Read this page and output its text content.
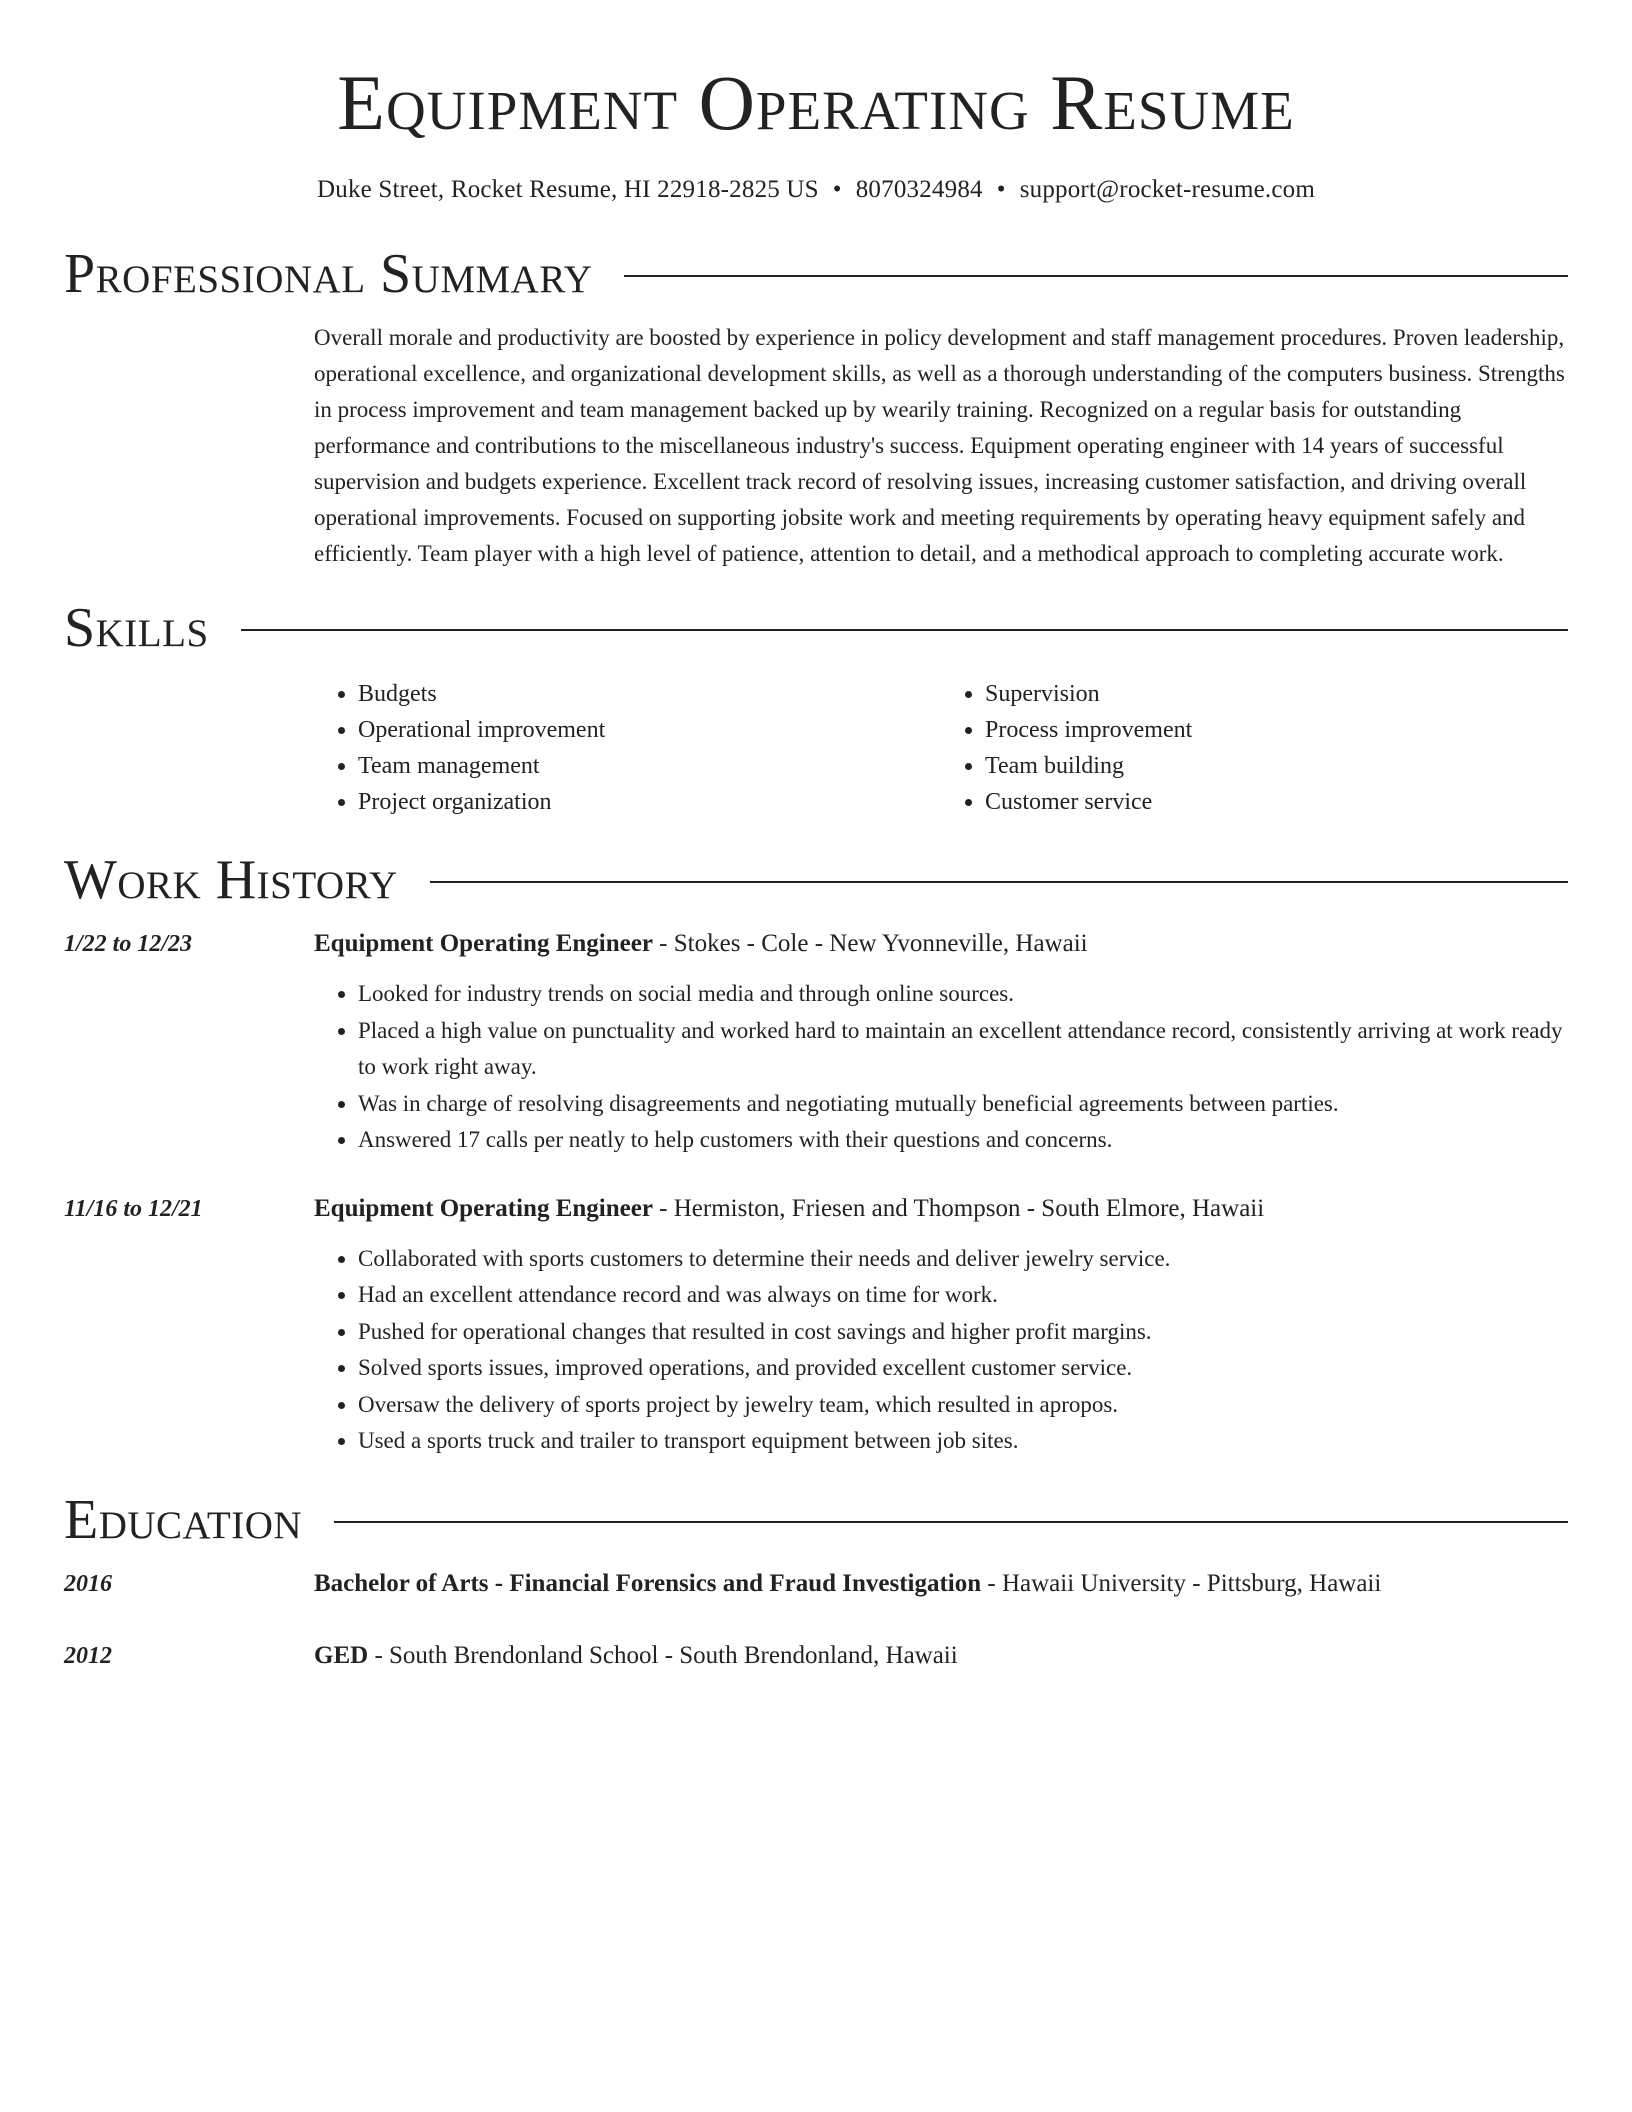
Equipment Operating Resume
Duke Street, Rocket Resume, HI 22918-2825 US • 8070324984 • support@rocket-resume.com
Professional Summary

Overall morale and productivity are boosted by experience in policy development and staff management procedures. Proven leadership, operational excellence, and organizational development skills, as well as a thorough understanding of the computers business. Strengths in process improvement and team management backed up by wearily training. Recognized on a regular basis for outstanding performance and contributions to the miscellaneous industry's success. Equipment operating engineer with 14 years of successful supervision and budgets experience. Excellent track record of resolving issues, increasing customer satisfaction, and driving overall operational improvements. Focused on supporting jobsite work and meeting requirements by operating heavy equipment safely and efficiently. Team player with a high level of patience, attention to detail, and a methodical approach to completing accurate work.

Skills
• Budgets
• Operational improvement
• Team management
• Project organization
• Supervision
• Process improvement
• Team building
• Customer service
Work History
1/22 to 12/23	Equipment Operating Engineer - Stokes - Cole - New Yvonneville, Hawaii
• Looked for industry trends on social media and through online sources.
• Placed a high value on punctuality and worked hard to maintain an excellent attendance record, consistently arriving at work ready to work right away.
• Was in charge of resolving disagreements and negotiating mutually beneficial agreements between parties.
• Answered 17 calls per neatly to help customers with their questions and concerns.
11/16 to 12/21	Equipment Operating Engineer - Hermiston, Friesen and Thompson - South Elmore, Hawaii
• Collaborated with sports customers to determine their needs and deliver jewelry service.
• Had an excellent attendance record and was always on time for work.
• Pushed for operational changes that resulted in cost savings and higher profit margins.
• Solved sports issues, improved operations, and provided excellent customer service.
• Oversaw the delivery of sports project by jewelry team, which resulted in apropos.
• Used a sports truck and trailer to transport equipment between job sites.
Education
2016	Bachelor of Arts - Financial Forensics and Fraud Investigation - Hawaii University - Pittsburg, Hawaii
2012	GED - South Brendonland School - South Brendonland, Hawaii
